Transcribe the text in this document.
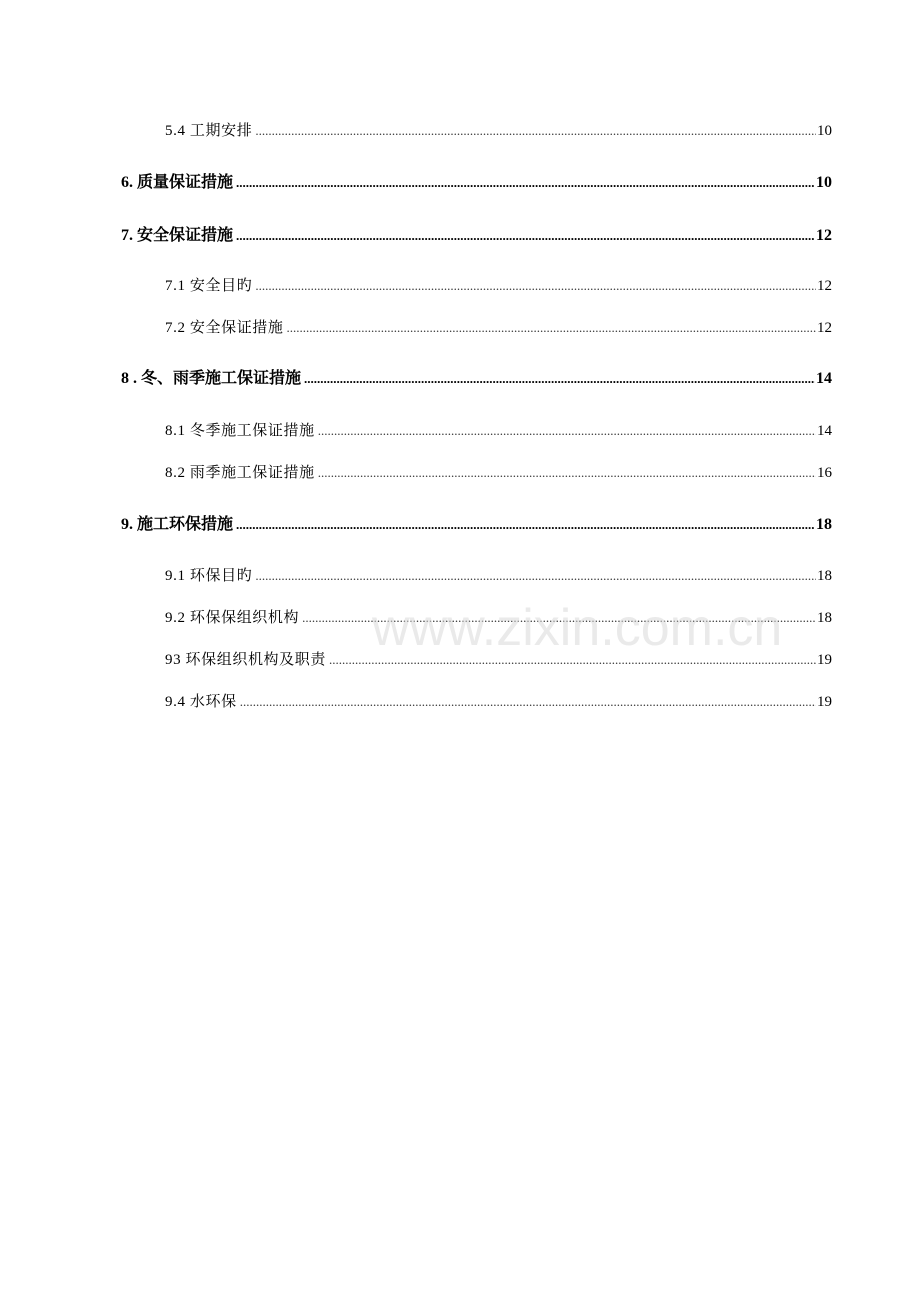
5.4 工期安排 .....	10
6. 质量保证措施 .....	10
7. 安全保证措施 .....	12
7.1 安全目旳 .....	12
7.2 安全保证措施 .....	12
8 . 冬、雨季施工保证措施 .....	14
8.1 冬季施工保证措施 .....	14
8.2 雨季施工保证措施 .....	16
9. 施工环保措施 .....	18
9.1 环保目旳 .....	18
9.2 环保保组织机构 .....	18
93 环保组织机构及职责 .....	19
9.4 水环保 .....	19
www.zixin.com.cn
